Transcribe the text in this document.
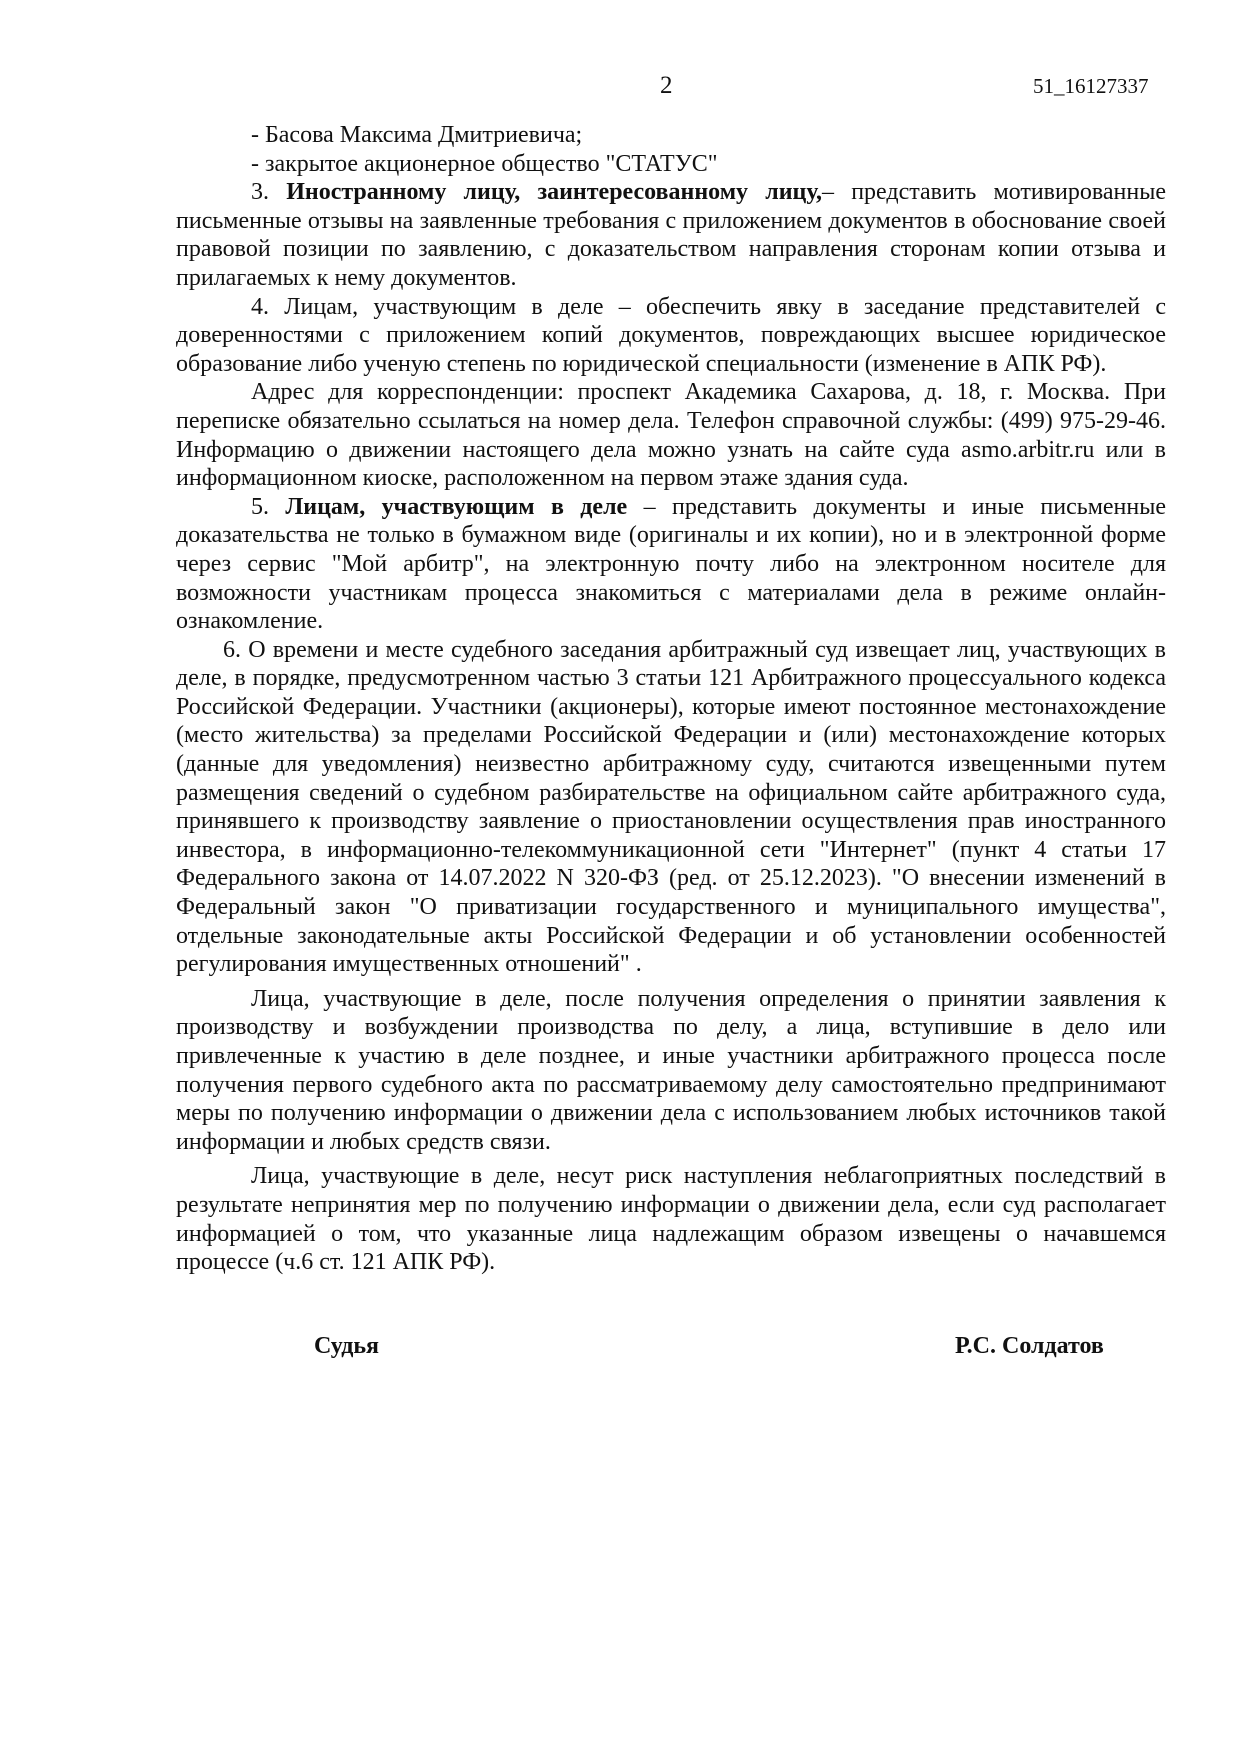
2	51_16127337

- Басова Максима Дмитриевича;

- закрытое акционерное общество "СТАТУС"

3. Иностранному лицу, заинтересованному лицу,– представить мотивированные письменные отзывы на заявленные требования с приложением документов в обоснование своей правовой позиции по заявлению, с доказательством направления сторонам копии отзыва и прилагаемых к нему документов.

4. Лицам, участвующим в деле – обеспечить явку в заседание представителей с доверенностями с приложением копий документов, повреждающих высшее юридическое образование либо ученую степень по юридической специальности (изменение в АПК РФ).

Адрес для корреспонденции: проспект Академика Сахарова, д. 18, г. Москва. При переписке обязательно ссылаться на номер дела. Телефон справочной службы: (499) 975-29-46. Информацию о движении настоящего дела можно узнать на сайте суда asmo.arbitr.ru или в информационном киоске, расположенном на первом этаже здания суда.

5. Лицам, участвующим в деле – представить документы и иные письменные доказательства не только в бумажном виде (оригиналы и их копии), но и в электронной форме через сервис "Мой арбитр", на электронную почту либо на электронном носителе для возможности участникам процесса знакомиться с материалами дела в режиме онлайн-ознакомление.

6. О времени и месте судебного заседания арбитражный суд извещает лиц, участвующих в деле, в порядке, предусмотренном частью 3 статьи 121 Арбитражного процессуального кодекса Российской Федерации. Участники (акционеры), которые имеют постоянное местонахождение (место жительства) за пределами Российской Федерации и (или) местонахождение которых (данные для уведомления) неизвестно арбитражному суду, считаются извещенными путем размещения сведений о судебном разбирательстве на официальном сайте арбитражного суда, принявшего к производству заявление о приостановлении осуществления прав иностранного инвестора, в информационно-телекоммуникационной сети "Интернет" (пункт 4 статьи 17 Федерального закона от 14.07.2022 N 320-ФЗ (ред. от 25.12.2023). "О внесении изменений в Федеральный закон "О приватизации государственного и муниципального имущества", отдельные законодательные акты Российской Федерации и об установлении особенностей регулирования имущественных отношений" .

Лица, участвующие в деле, после получения определения о принятии заявления к производству и возбуждении производства по делу, а лица, вступившие в дело или привлеченные к участию в деле позднее, и иные участники арбитражного процесса после получения первого судебного акта по рассматриваемому делу самостоятельно предпринимают меры по получению информации о движении дела с использованием любых источников такой информации и любых средств связи.

Лица, участвующие в деле, несут риск наступления неблагоприятных последствий в результате непринятия мер по получению информации о движении дела, если суд располагает информацией о том, что указанные лица надлежащим образом извещены о начавшемся процессе (ч.6 ст. 121 АПК РФ).

Судья	Р.С. Солдатов
